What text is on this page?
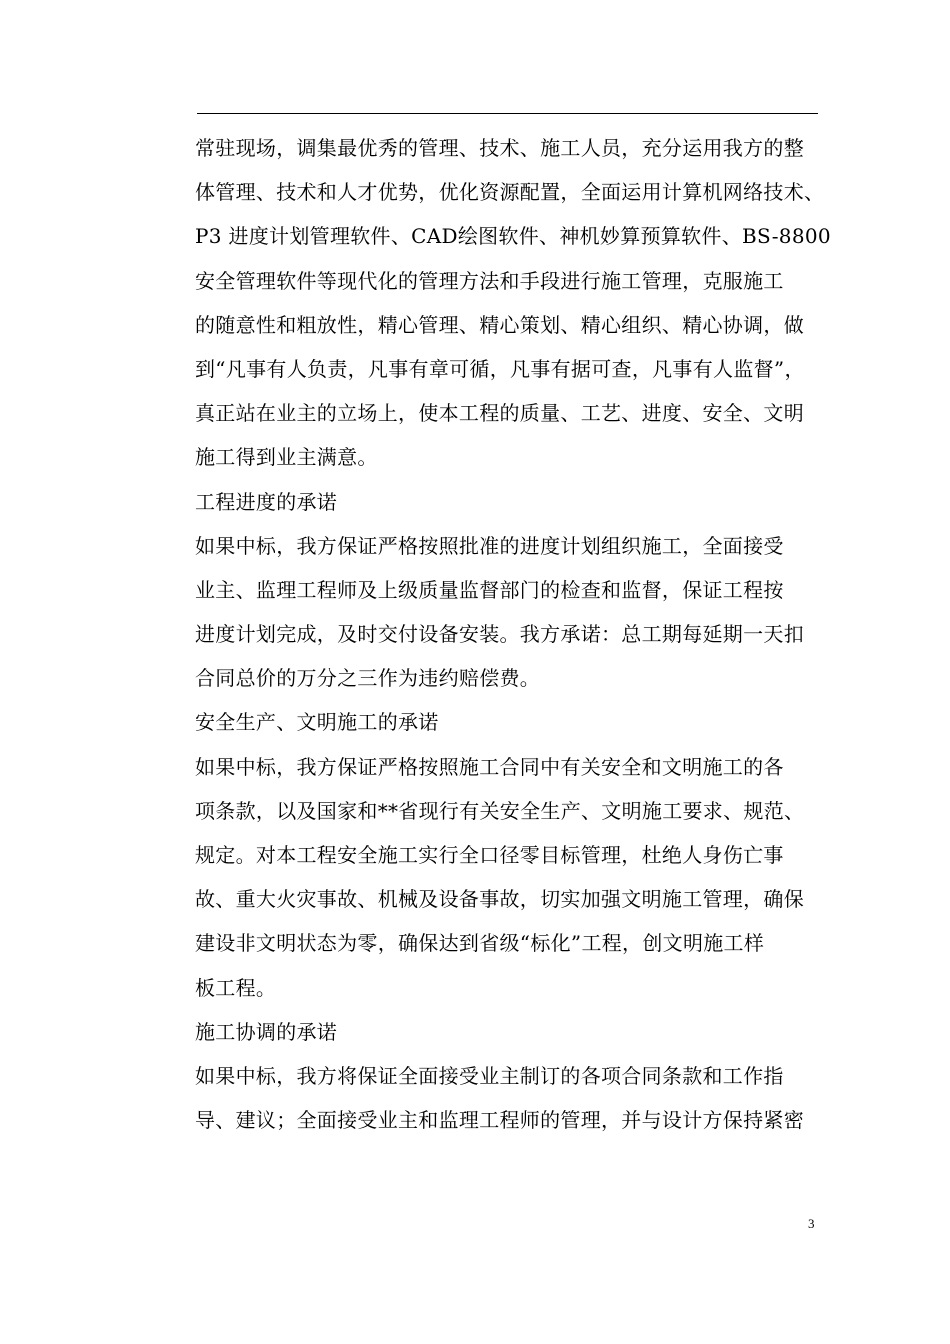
常驻现场，调集最优秀的管理、技术、施工人员，充分运用我方的整
体管理、技术和人才优势，优化资源配置，全面运用计算机网络技术、
P3 进度计划管理软件、CAD绘图软件、神机妙算预算软件、BS-8800
安全管理软件等现代化的管理方法和手段进行施工管理，克服施工
的随意性和粗放性，精心管理、精心策划、精心组织、精心协调，做
到“凡事有人负责，凡事有章可循，凡事有据可查，凡事有人监督”，
真正站在业主的立场上，使本工程的质量、工艺、进度、安全、文明
施工得到业主满意。
工程进度的承诺
如果中标，我方保证严格按照批准的进度计划组织施工，全面接受
业主、监理工程师及上级质量监督部门的检查和监督，保证工程按
进度计划完成，及时交付设备安装。我方承诺：总工期每延期一天扣
合同总价的万分之三作为违约赔偿费。
安全生产、文明施工的承诺
如果中标，我方保证严格按照施工合同中有关安全和文明施工的各
项条款，以及国家和**省现行有关安全生产、文明施工要求、规范、
规定。对本工程安全施工实行全口径零目标管理，杜绝人身伤亡事
故、重大火灾事故、机械及设备事故，切实加强文明施工管理，确保
建设非文明状态为零，确保达到省级“标化”工程，创文明施工样
板工程。
施工协调的承诺
如果中标，我方将保证全面接受业主制订的各项合同条款和工作指
导、建议；全面接受业主和监理工程师的管理，并与设计方保持紧密
3
